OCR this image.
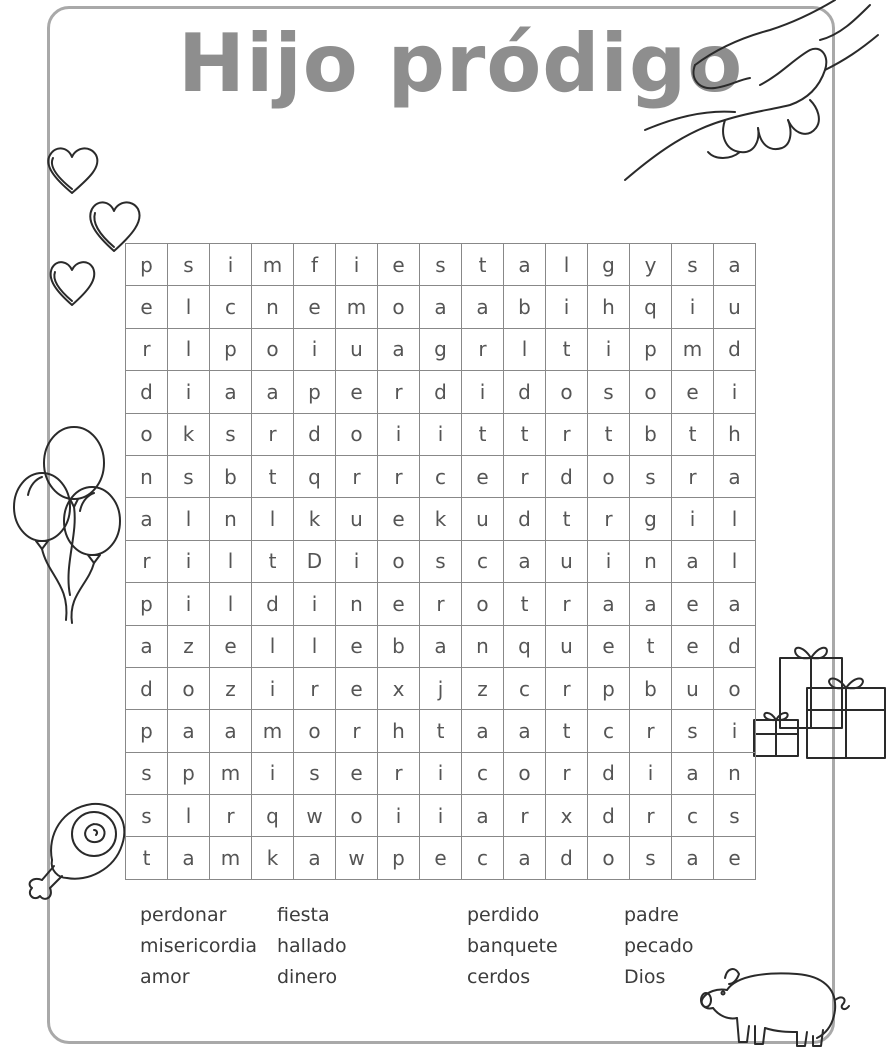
Hijo pródigo
p	s	i	m	f	i	e	s	t	a	l	g	y	s	a
e	l	c	n	e	m	o	a	a	b	i	h	q	i	u
r	l	p	o	i	u	a	g	r	l	t	i	p	m	d
d	i	a	a	p	e	r	d	i	d	o	s	o	e	i
o	k	s	r	d	o	i	i	t	t	r	t	b	t	h
n	s	b	t	q	r	r	c	e	r	d	o	s	r	a
a	l	n	l	k	u	e	k	u	d	t	r	g	i	l
r	i	l	t	D	i	o	s	c	a	u	i	n	a	l
p	i	l	d	i	n	e	r	o	t	r	a	a	e	a
a	z	e	l	l	e	b	a	n	q	u	e	t	e	d
d	o	z	i	r	e	x	j	z	c	r	p	b	u	o
p	a	a	m	o	r	h	t	a	a	t	c	r	s	i
s	p	m	i	s	e	r	i	c	o	r	d	i	a	n
s	l	r	q	w	o	i	i	a	r	x	d	r	c	s
t	a	m	k	a	w	p	e	c	a	d	o	s	a	e
perdonar
misericordia
amor
fiesta
hallado
dinero
perdido
banquete
cerdos
padre
pecado
Dios
